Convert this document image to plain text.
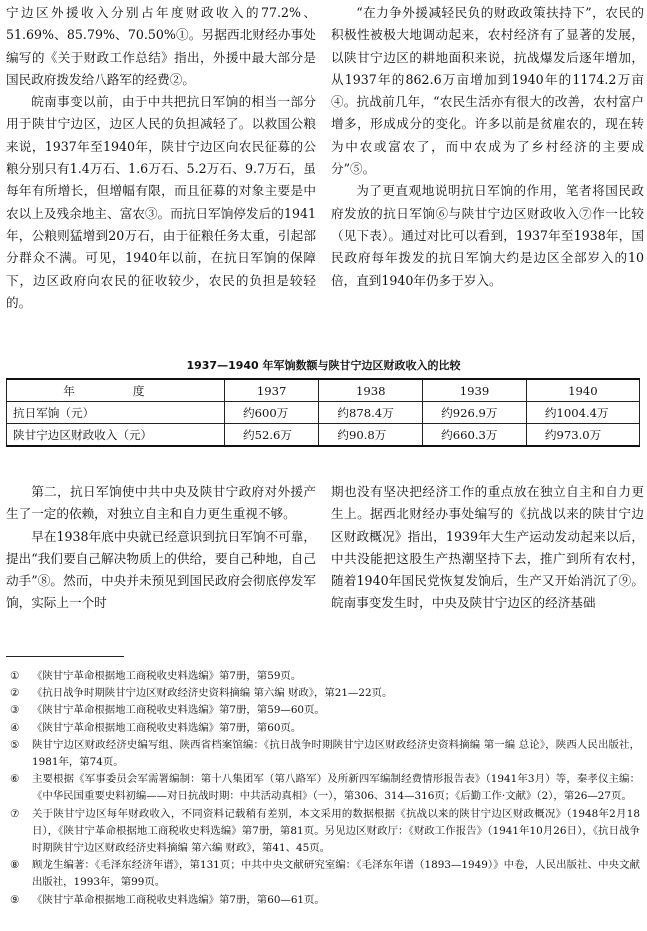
宁边区外援收入分别占年度财政收入的77.2%、51.69%、85.79%、70.50%①。另据西北财经办事处编写的《关于财政工作总结》指出，外援中最大部分是国民政府拨发给八路军的经费②。

皖南事变以前，由于中共把抗日军饷的相当一部分用于陕甘宁边区，边区人民的负担减轻了。以救国公粮来说，1937年至1940年，陕甘宁边区向农民征募的公粮分别只有1.4万石、1.6万石、5.2万石、9.7万石，虽每年有所增长，但增幅有限，而且征募的对象主要是中农以上及残余地主、富农③。而抗日军饷停发后的1941年，公粮则猛增到20万石，由于征粮任务太重，引起部分群众不满。可见，1940年以前，在抗日军饷的保障下，边区政府向农民的征收较少，农民的负担是较轻的。

“在力争外援减轻民负的财政政策扶持下”，农民的积极性被极大地调动起来，农村经济有了显著的发展，以陕甘宁边区的耕地面积来说，抗战爆发后逐年增加，从1937年的862.6万亩增加到1940年的1174.2万亩④。抗战前几年，“农民生活亦有很大的改善，农村富户增多，形成成分的变化。许多以前是贫雇农的，现在转为中农或富农了，而中农成为了乡村经济的主要成分”⑤。

为了更直观地说明抗日军饷的作用，笔者将国民政府发放的抗日军饷⑥与陕甘宁边区财政收入⑦作一比较（见下表）。通过对比可以看到，1937年至1938年，国民政府每年拨发的抗日军饷大约是边区全部岁入的10倍，直到1940年仍多于岁入。

1937—1940 年军饷数额与陕甘宁边区财政收入的比较
年　度	1937	1938	1939	1940
抗日军饷（元）	约600万	约878.4万	约926.9万	约1004.4万
陕甘宁边区财政收入（元）	约52.6万	约90.8万	约660.3万	约973.0万

第二，抗日军饷使中共中央及陕甘宁政府对外援产生了一定的依赖，对独立自主和自力更生重视不够。

早在1938年底中央就已经意识到抗日军饷不可靠，提出“我们要自己解决物质上的供给，要自己种地，自己动手”⑧。然而，中央并未预见到国民政府会彻底停发军饷，实际上一个时

期也没有坚决把经济工作的重点放在独立自主和自力更生上。据西北财经办事处编写的《抗战以来的陕甘宁边区财政概况》指出，1939年大生产运动发动起来以后，中共没能把这股生产热潮坚持下去，推广到所有农村，随着1940年国民党恢复发饷后，生产又开始消沉了⑨。皖南事变发生时，中央及陕甘宁边区的经济基础

① 《陕甘宁革命根据地工商税收史料选编》第7册，第59页。
② 《抗日战争时期陕甘宁边区财政经济史资料摘编 第六编 财政》，第21—22页。
③ 《陕甘宁革命根据地工商税收史料选编》第7册，第59—60页。
④ 《陕甘宁革命根据地工商税收史料选编》第7册，第60页。
⑤ 陕甘宁边区财政经济史编写组、陕西省档案馆编：《抗日战争时期陕甘宁边区财政经济史资料摘编 第一编 总论》，陕西人民出版社，1981年，第74页。
⑥ 主要根据《军事委员会军需署编制：第十八集团军（第八路军）及所新四军编制经费情形报告表》（1941年3月）等，秦孝仪主编：《中华民国重要史料初编——对日抗战时期：中共活动真相》（一），第306、314—316页；《后勤工作·文献》（2），第26—27页。
⑦ 关于陕甘宁边区每年财政收入，不同资料记载稍有差别，本文采用的数据根据《抗战以来的陕甘宁边区财政概况》（1948年2月18日），《陕甘宁革命根据地工商税收史料选编》第7册，第81页。另见边区财政厅：《财政工作报告》（1941年10月26日），《抗日战争时期陕甘宁边区财政经济史料摘编 第六编 财政》，第41、45页。
⑧ 顾龙生编著：《毛泽东经济年谱》，第131页；中共中央文献研究室编：《毛泽东年谱（1893—1949）》中卷，人民出版社、中央文献出版社，1993年，第99页。
⑨ 《陕甘宁革命根据地工商税收史料选编》第7册，第60—61页。
